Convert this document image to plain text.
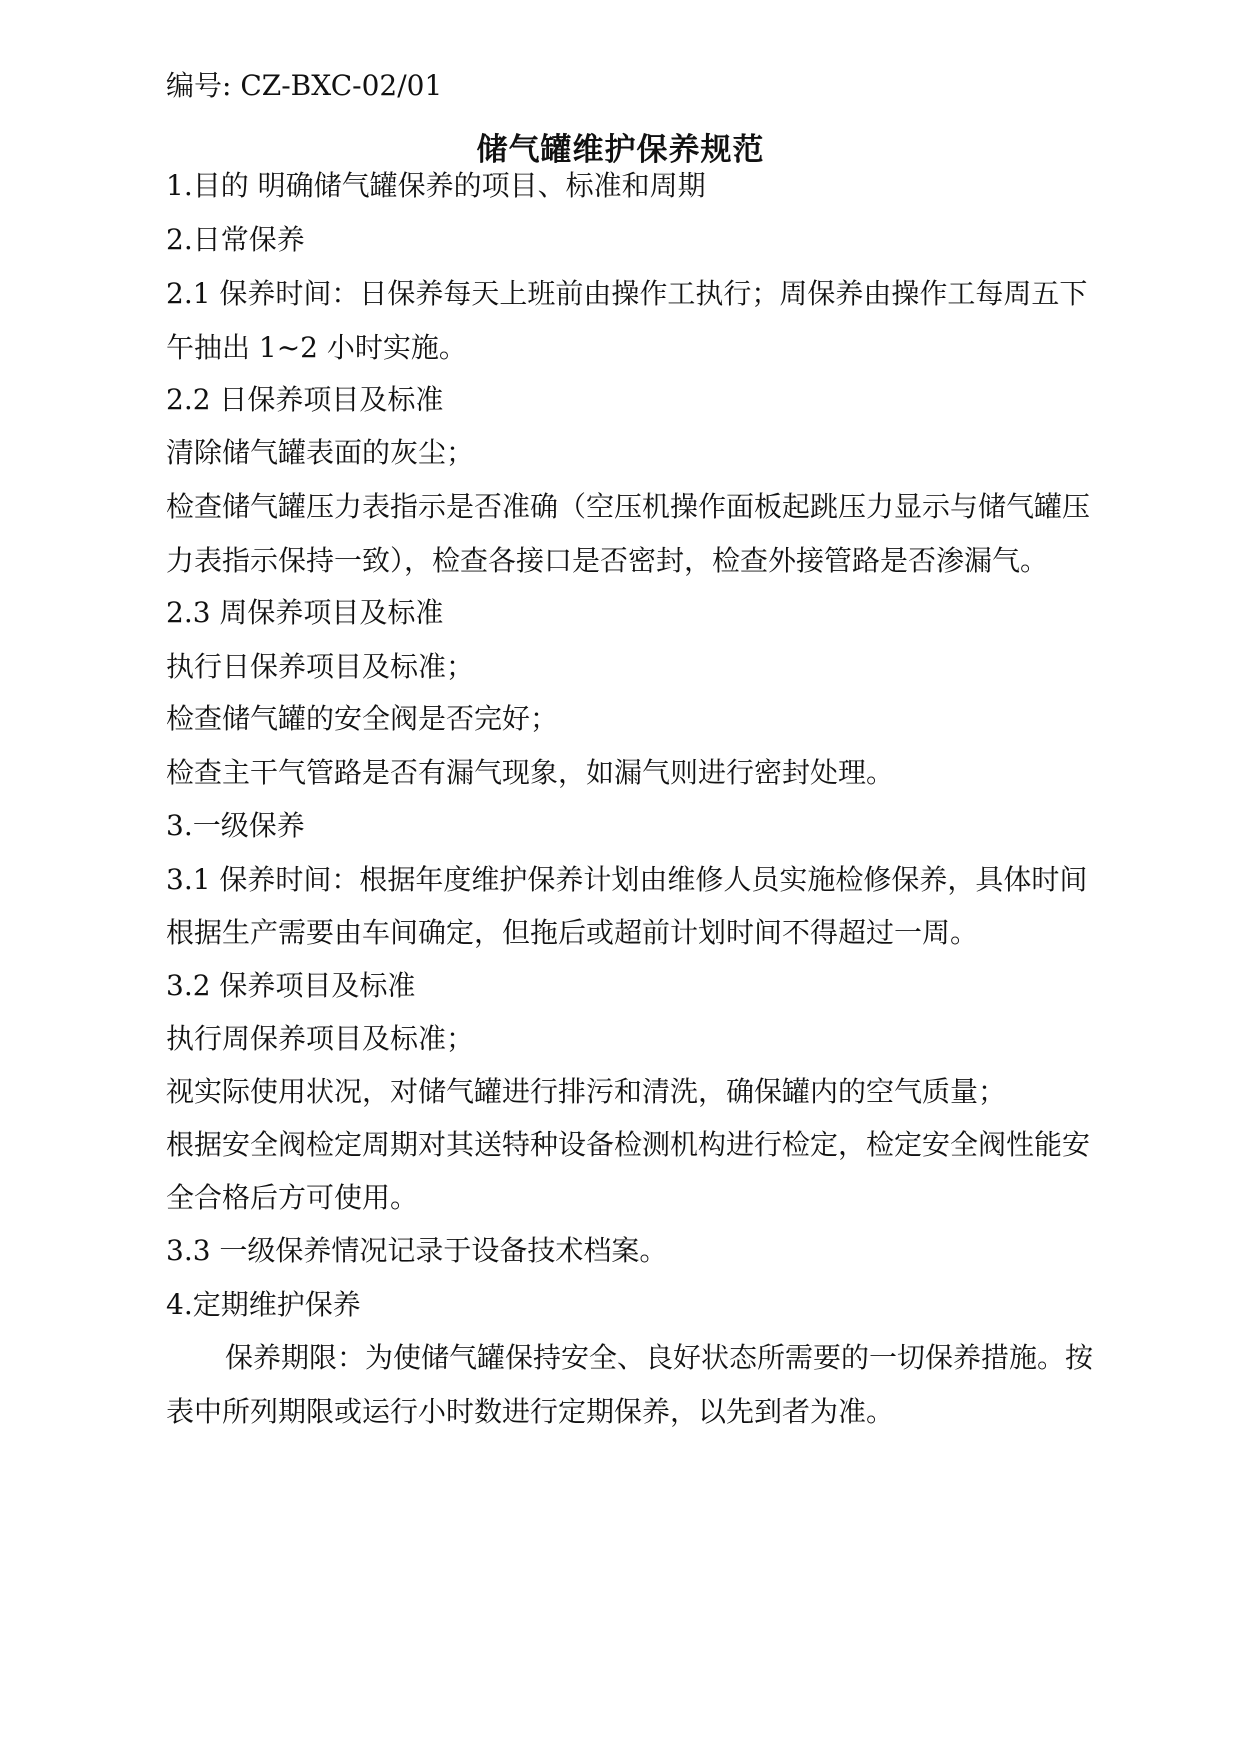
编号: CZ-BXC-02/01
储气罐维护保养规范
1.目的 明确储气罐保养的项目、标准和周期
2.日常保养
2.1 保养时间：日保养每天上班前由操作工执行；周保养由操作工每周五下
午抽出 1~2 小时实施。
2.2 日保养项目及标准
清除储气罐表面的灰尘；
检查储气罐压力表指示是否准确（空压机操作面板起跳压力显示与储气罐压
力表指示保持一致），检查各接口是否密封，检查外接管路是否渗漏气。
2.3 周保养项目及标准
执行日保养项目及标准；
检查储气罐的安全阀是否完好；
检查主干气管路是否有漏气现象，如漏气则进行密封处理。
3.一级保养
3.1 保养时间：根据年度维护保养计划由维修人员实施检修保养，具体时间
根据生产需要由车间确定，但拖后或超前计划时间不得超过一周。
3.2 保养项目及标准
执行周保养项目及标准；
视实际使用状况，对储气罐进行排污和清洗，确保罐内的空气质量；
根据安全阀检定周期对其送特种设备检测机构进行检定，检定安全阀性能安
全合格后方可使用。
3.3 一级保养情况记录于设备技术档案。
4.定期维护保养
保养期限：为使储气罐保持安全、良好状态所需要的一切保养措施。按
表中所列期限或运行小时数进行定期保养，以先到者为准。
